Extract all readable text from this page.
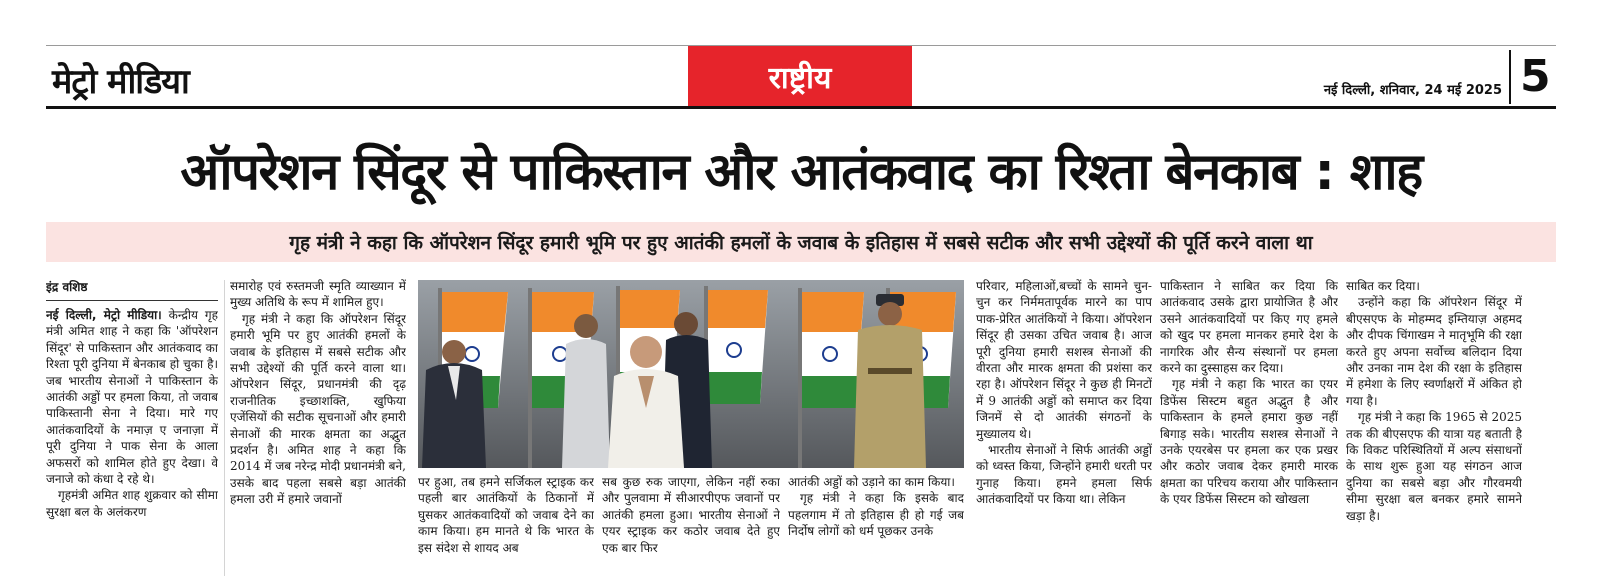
मेट्रो मीडिया	राष्ट्रीय	नई दिल्ली, शनिवार, 24 मई 2025 5
ऑपरेशन सिंदूर से पाकिस्तान और आतंकवाद का रिश्ता बेनकाब : शाह
गृह मंत्री ने कहा कि ऑपरेशन सिंदूर हमारी भूमि पर हुए आतंकी हमलों के जवाब के इतिहास में सबसे सटीक और सभी उद्देश्यों की पूर्ति करने वाला था
इंद्र वशिष्ठ

नई दिल्ली, मेट्रो मीडिया। केन्द्रीय गृह मंत्री अमित शाह ने कहा कि 'ऑपरेशन सिंदूर' से पाकिस्तान और आतंकवाद का रिश्ता पूरी दुनिया में बेनकाब हो चुका है। जब भारतीय सेनाओं ने पाकिस्तान के आतंकी अड्डों पर हमला किया, तो जवाब पाकिस्तानी सेना ने दिया। मारे गए आतंकवादियों के नमाज़ ए जनाज़ा में पूरी दुनिया ने पाक सेना के आला अफसरों को शामिल होते हुए देखा। वे जनाजे को कंधा दे रहे थे।

गृहमंत्री अमित शाह शुक्रवार को सीमा सुरक्षा बल के अलंकरण

समारोह एवं रुस्तमजी स्मृति व्याख्यान में मुख्य अतिथि के रूप में शामिल हुए।

गृह मंत्री ने कहा कि ऑपरेशन सिंदूर हमारी भूमि पर हुए आतंकी हमलों के जवाब के इतिहास में सबसे सटीक और सभी उद्देश्यों की पूर्ति करने वाला था। ऑपरेशन सिंदूर, प्रधानमंत्री की दृढ़ राजनीतिक इच्छाशक्ति, खुफिया एजेंसियों की सटीक सूचनाओं और हमारी सेनाओं की मारक क्षमता का अद्भुत प्रदर्शन है। अमित शाह ने कहा कि 2014 में जब नरेन्द्र मोदी प्रधानमंत्री बने, उसके बाद पहला सबसे बड़ा आतंकी हमला उरी में हमारे जवानों

पर हुआ, तब हमने सर्जिकल स्ट्राइक कर पहली बार आतंकियों के ठिकानों में घुसकर आतंकवादियों को जवाब देने का काम किया। हम मानते थे कि भारत के इस संदेश से शायद अब

सब कुछ रुक जाएगा, लेकिन नहीं रुका और पुलवामा में सीआरपीएफ जवानों पर आतंकी हमला हुआ। भारतीय सेनाओं ने एयर स्ट्राइक कर कठोर जवाब देते हुए एक बार फिर

आतंकी अड्डों को उड़ाने का काम किया।

गृह मंत्री ने कहा कि इसके बाद पहलगाम में तो इतिहास ही हो गई जब निर्दोष लोगों को धर्म पूछकर उनके

परिवार, महिलाओं,बच्चों के सामने चुन-चुन कर निर्ममतापूर्वक मारने का पाप पाक-प्रेरित आतंकियों ने किया। ऑपरेशन सिंदूर ही उसका उचित जवाब है। आज पूरी दुनिया हमारी सशस्त्र सेनाओं की वीरता और मारक क्षमता की प्रशंसा कर रहा है। ऑपरेशन सिंदूर ने कुछ ही मिनटों में 9 आतंकी अड्डों को समाप्त कर दिया जिनमें से दो आतंकी संगठनों के मुख्यालय थे।

भारतीय सेनाओं ने सिर्फ आतंकी अड्डों को ध्वस्त किया, जिन्होंने हमारी धरती पर गुनाह किया। हमने हमला सिर्फ आतंकवादियों पर किया था। लेकिन

पाकिस्तान ने साबित कर दिया कि आतंकवाद उसके द्वारा प्रायोजित है और उसने आतंकवादियों पर किए गए हमले को खुद पर हमला मानकर हमारे देश के नागरिक और सैन्य संस्थानों पर हमला करने का दुस्साहस कर दिया।

गृह मंत्री ने कहा कि भारत का एयर डिफेंस सिस्टम बहुत अद्भुत है और पाकिस्तान के हमले हमारा कुछ नहीं बिगाड़ सके। भारतीय सशस्त्र सेनाओं ने उनके एयरबेस पर हमला कर एक प्रखर और कठोर जवाब देकर हमारी मारक क्षमता का परिचय कराया और पाकिस्तान के एयर डिफेंस सिस्टम को खोखला

साबित कर दिया।

उन्होंने कहा कि ऑपरेशन सिंदूर में बीएसएफ के मोहम्मद इम्तियाज़ अहमद और दीपक चिंगाखम ने मातृभूमि की रक्षा करते हुए अपना सर्वोच्च बलिदान दिया और उनका नाम देश की रक्षा के इतिहास में हमेशा के लिए स्वर्णाक्षरों में अंकित हो गया है।

गृह मंत्री ने कहा कि 1965 से 2025 तक की बीएसएफ की यात्रा यह बताती है कि विकट परिस्थितियों में अल्प संसाधनों के साथ शुरू हुआ यह संगठन आज दुनिया का सबसे बड़ा और गौरवमयी सीमा सुरक्षा बल बनकर हमारे सामने खड़ा है।
